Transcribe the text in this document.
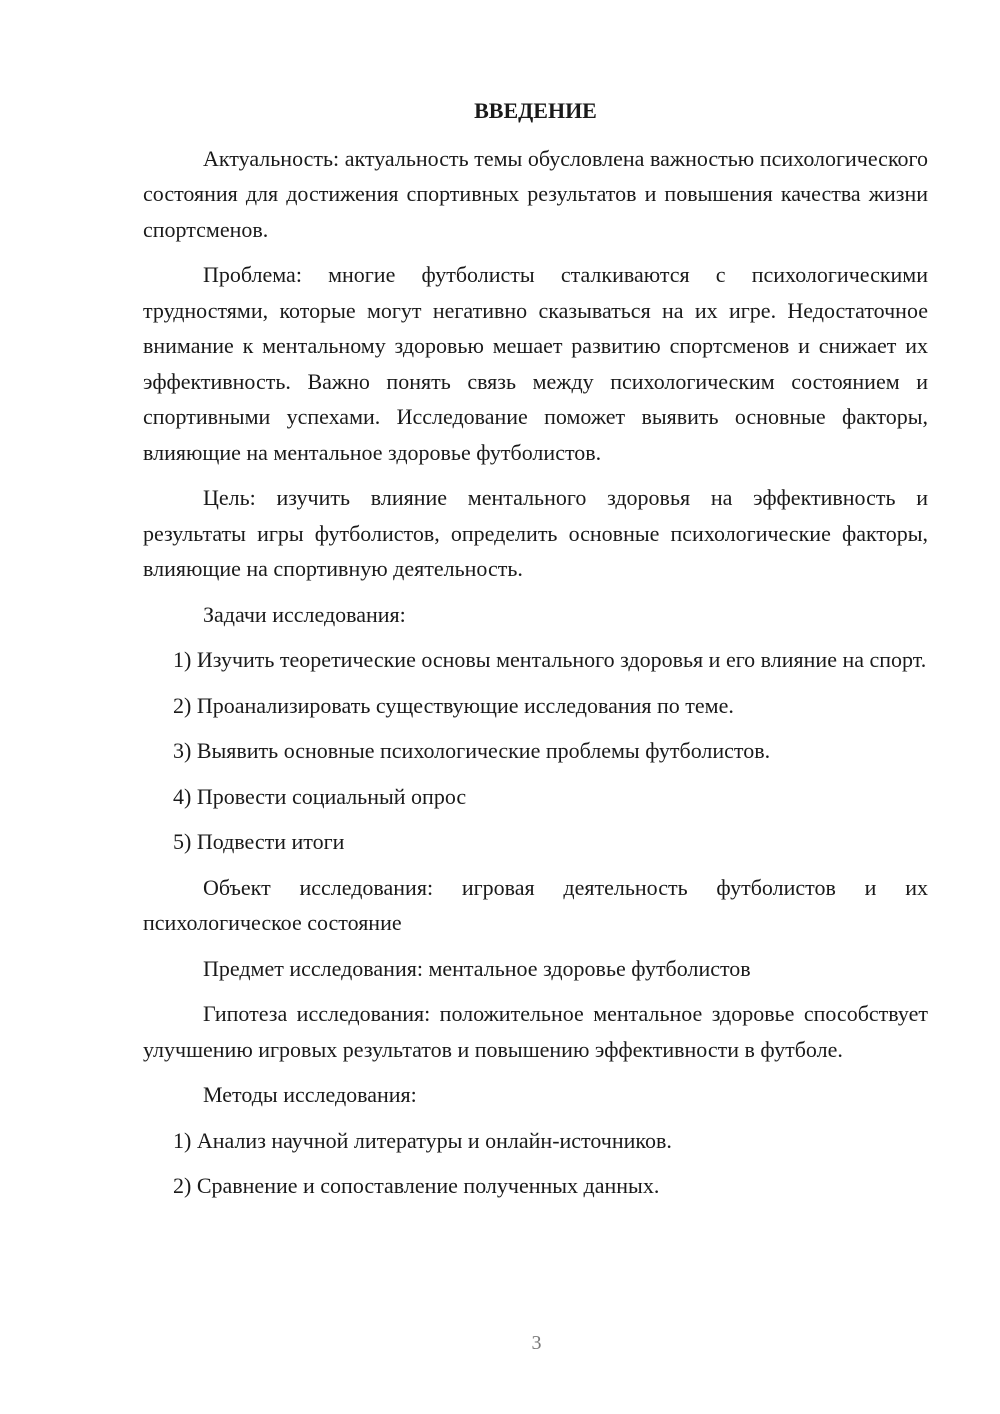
ВВЕДЕНИЕ

Актуальность: актуальность темы обусловлена важностью психологического состояния для достижения спортивных результатов и повышения качества жизни спортсменов.

Проблема: многие футболисты сталкиваются с психологическими трудностями, которые могут негативно сказываться на их игре. Недостаточное внимание к ментальному здоровью мешает развитию спортсменов и снижает их эффективность. Важно понять связь между психологическим состоянием и спортивными успехами. Исследование поможет выявить основные факторы, влияющие на ментальное здоровье футболистов.

Цель: изучить влияние ментального здоровья на эффективность и результаты игры футболистов, определить основные психологические факторы, влияющие на спортивную деятельность.

Задачи исследования:

1) Изучить теоретические основы ментального здоровья и его влияние на спорт.

2) Проанализировать существующие исследования по теме.

3) Выявить основные психологические проблемы футболистов.

4) Провести социальный опрос

5) Подвести итоги

Объект исследования: игровая деятельность футболистов и их психологическое состояние

Предмет исследования: ментальное здоровье футболистов

Гипотеза исследования: положительное ментальное здоровье способствует улучшению игровых результатов и повышению эффективности в футболе.

Методы исследования:

1) Анализ научной литературы и онлайн-источников.

2) Сравнение и сопоставление полученных данных.

3
